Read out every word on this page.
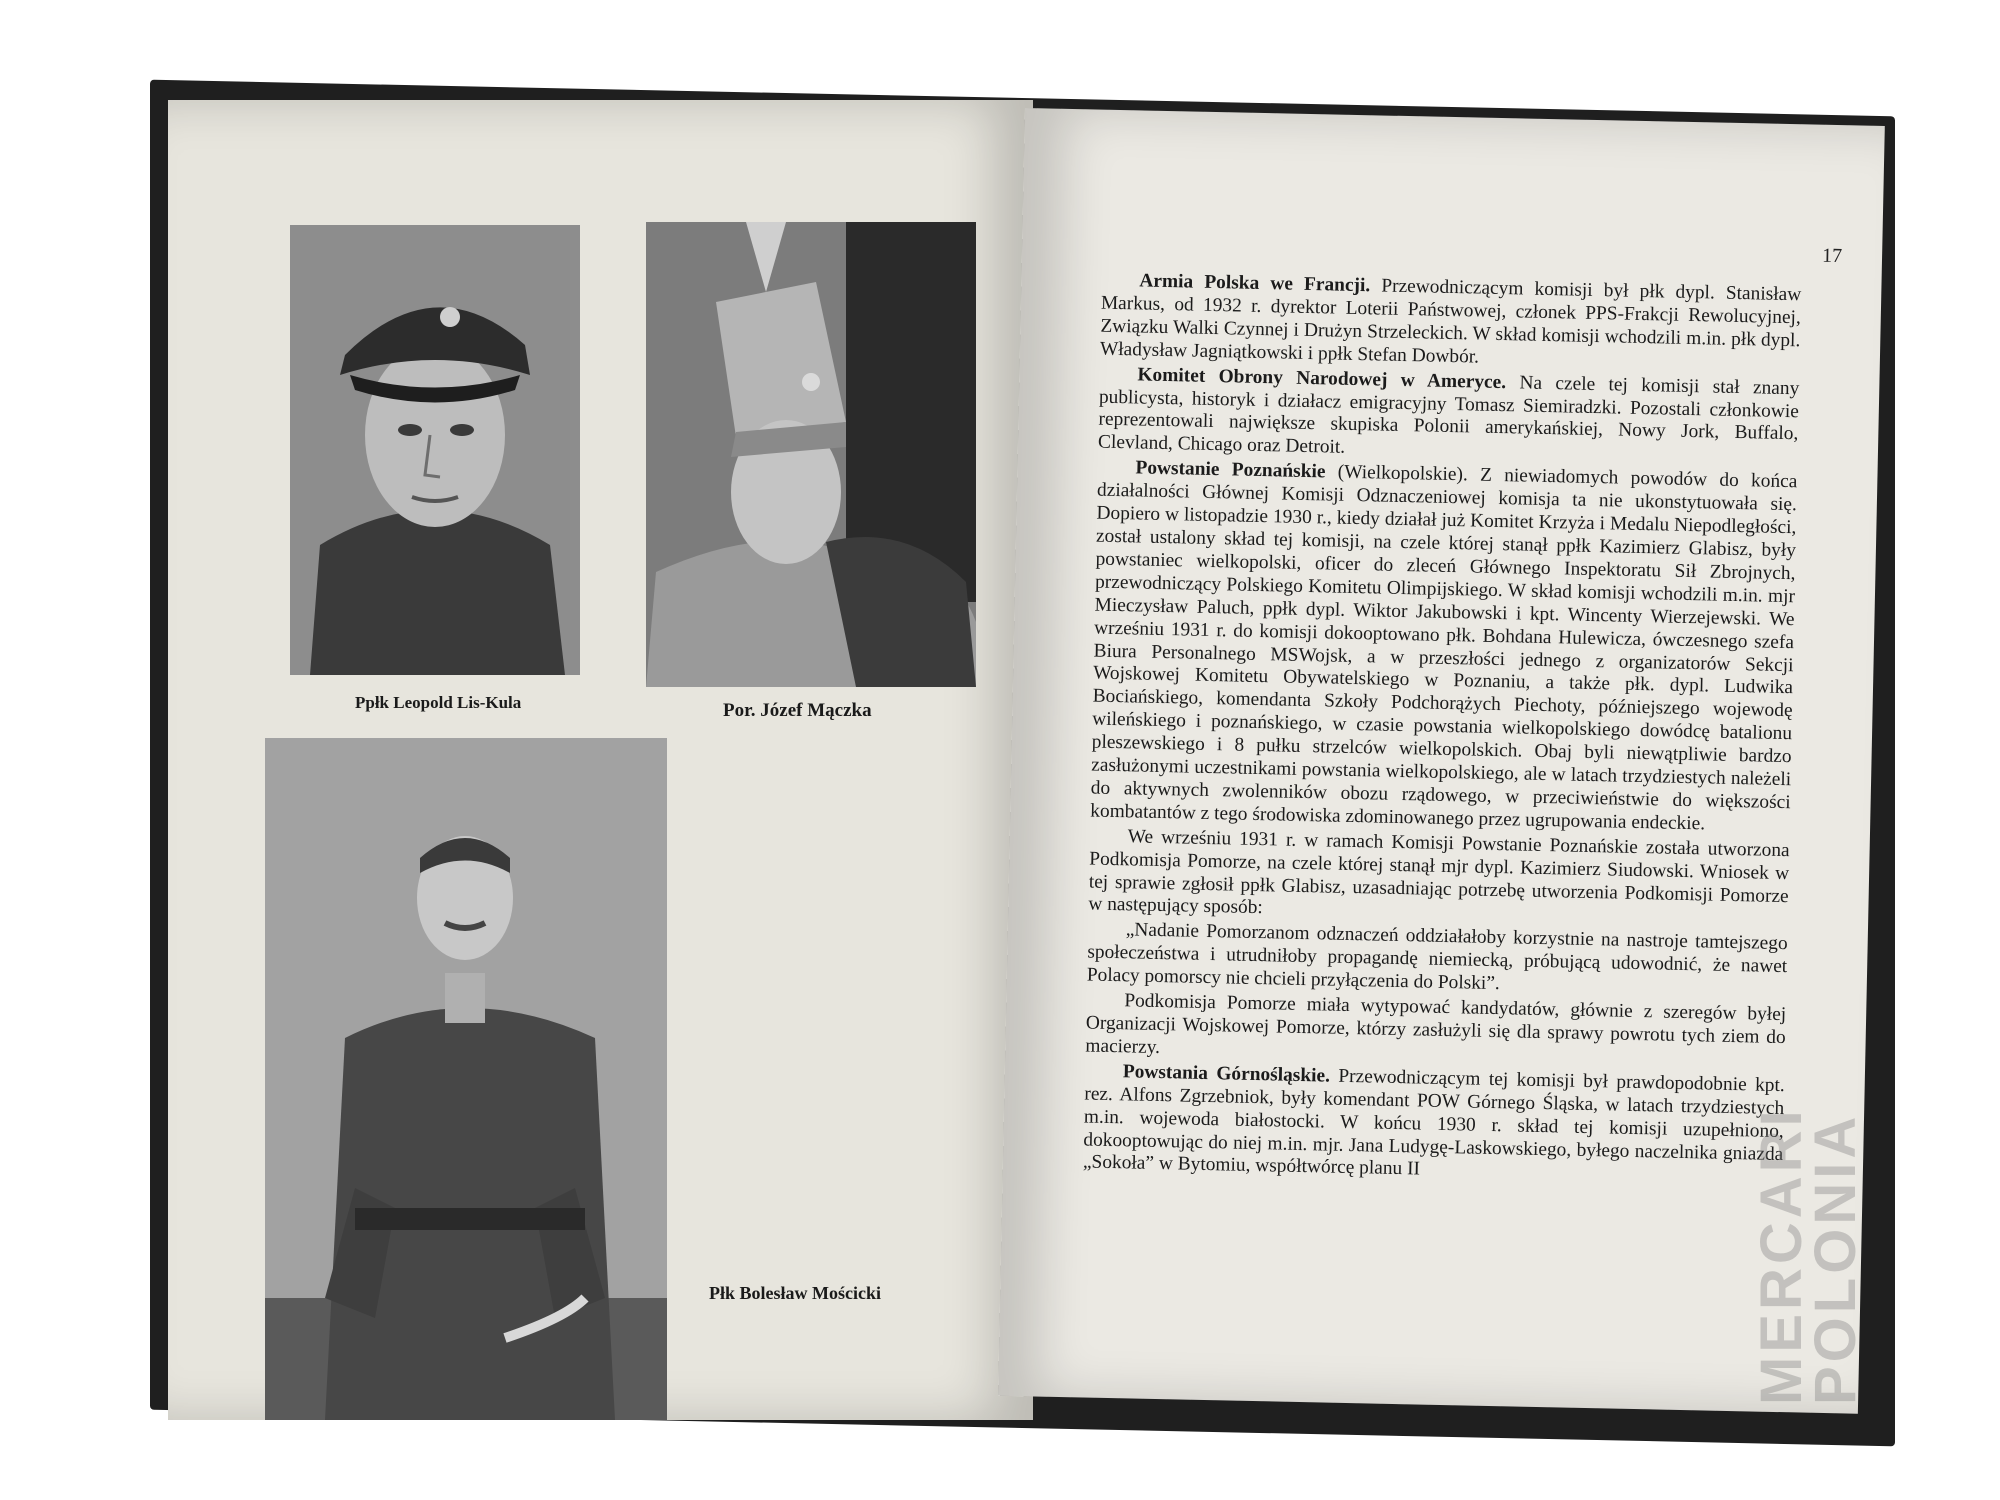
Ppłk Leopold Lis-Kula	Por. Józef Mączka
Płk Bolesław Mościcki
17

Armia Polska we Francji. Przewodniczącym komisji był płk dypl. Stanisław Markus, od 1932 r. dyrektor Loterii Państwowej, członek PPS-Frakcji Rewolucyjnej, Związku Walki Czynnej i Drużyn Strzeleckich. W skład komisji wchodzili m.in. płk dypl. Władysław Jagniątkowski i ppłk Stefan Dowbór.

Komitet Obrony Narodowej w Ameryce. Na czele tej komisji stał znany publicysta, historyk i działacz emigracyjny Tomasz Siemiradzki. Pozostali członkowie reprezentowali największe skupiska Polonii amerykańskiej, Nowy Jork, Buffalo, Clevland, Chicago oraz Detroit.

Powstanie Poznańskie (Wielkopolskie). Z niewiadomych powodów do końca działalności Głównej Komisji Odznaczeniowej komisja ta nie ukonstytuowała się. Dopiero w listopadzie 1930 r., kiedy działał już Komitet Krzyża i Medalu Niepodległości, został ustalony skład tej komisji, na czele której stanął ppłk Kazimierz Glabisz, były powstaniec wielkopolski, oficer do zleceń Głównego Inspektoratu Sił Zbrojnych, przewodniczący Polskiego Komitetu Olimpijskiego. W skład komisji wchodzili m.in. mjr Mieczysław Paluch, ppłk dypl. Wiktor Jakubowski i kpt. Wincenty Wierzejewski. We wrześniu 1931 r. do komisji dokooptowano płk. Bohdana Hulewicza, ówczesnego szefa Biura Personalnego MSWojsk, a w przeszłości jednego z organizatorów Sekcji Wojskowej Komitetu Obywatelskiego w Poznaniu, a także płk. dypl. Ludwika Bociańskiego, komendanta Szkoły Podchorążych Piechoty, późniejszego wojewodę wileńskiego i poznańskiego, w czasie powstania wielkopolskiego dowódcę batalionu pleszewskiego i 8 pułku strzelców wielkopolskich. Obaj byli niewątpliwie bardzo zasłużonymi uczestnikami powstania wielkopolskiego, ale w latach trzydziestych należeli do aktywnych zwolenników obozu rządowego, w przeciwieństwie do większości kombatantów z tego środowiska zdominowanego przez ugrupowania endeckie.

We wrześniu 1931 r. w ramach Komisji Powstanie Poznańskie została utworzona Podkomisja Pomorze, na czele której stanął mjr dypl. Kazimierz Siudowski. Wniosek w tej sprawie zgłosił ppłk Glabisz, uzasadniając potrzebę utworzenia Podkomisji Pomorze w następujący sposób:

„Nadanie Pomorzanom odznaczeń oddziałałoby korzystnie na nastroje tamtejszego społeczeństwa i utrudniłoby propagandę niemiecką, próbującą udowodnić, że nawet Polacy pomorscy nie chcieli przyłączenia do Polski”.

Podkomisja Pomorze miała wytypować kandydatów, głównie z szeregów byłej Organizacji Wojskowej Pomorze, którzy zasłużyli się dla sprawy powrotu tych ziem do macierzy.

Powstania Górnośląskie. Przewodniczącym tej komisji był prawdopodobnie kpt. rez. Alfons Zgrzebniok, były komendant POW Górnego Śląska, w latach trzydziestych m.in. wojewoda białostocki. W końcu 1930 r. skład tej komisji uzupełniono, dokooptowując do niej m.in. mjr. Jana Ludygę-Laskowskiego, byłego naczelnika gniazda „Sokoła” w Bytomiu, współtwórcę planu II	MERCARI
POLONIA
